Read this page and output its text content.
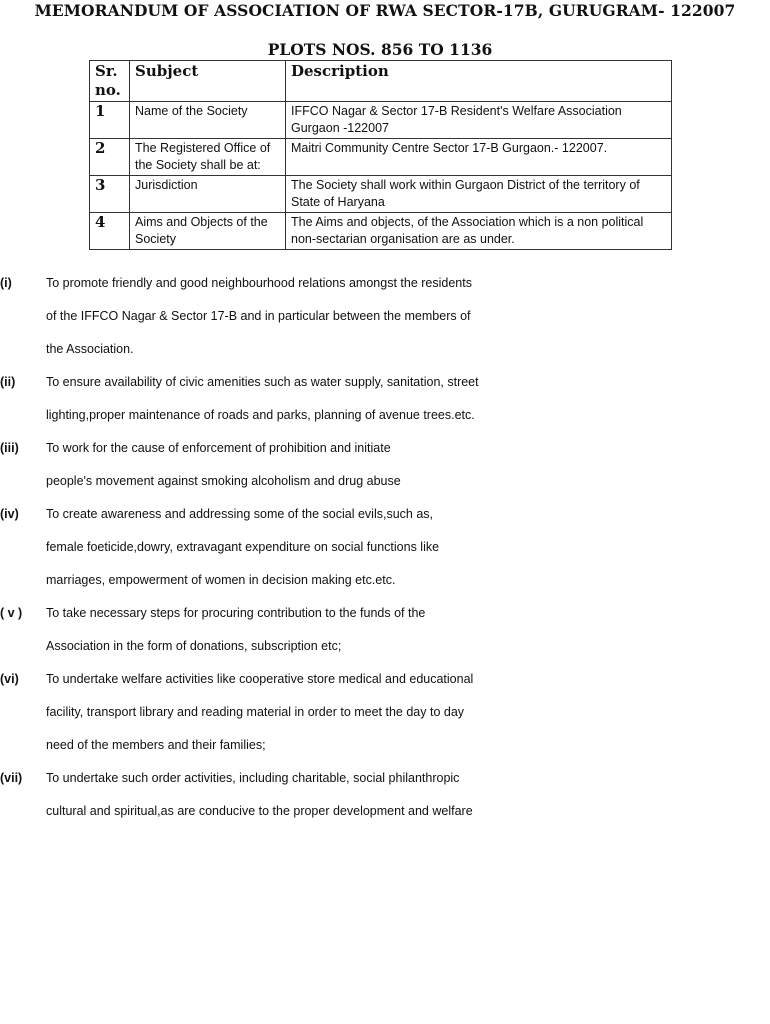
MEMORANDUM OF ASSOCIATION OF RWA SECTOR-17B, GURUGRAM- 122007
PLOTS NOS. 856 TO 1136
Sr. no.	Subject	Description
1	Name of the Society	IFFCO Nagar & Sector 17-B Resident's Welfare Association Gurgaon -122007
2	The Registered Office of the Society shall be at:	Maitri Community Centre Sector 17-B Gurgaon.- 122007.
3	Jurisdiction	The Society shall work within Gurgaon District of the territory of State of Haryana
4	Aims and Objects of the Society	The Aims and objects, of the Association which is a non political non-sectarian organisation are as under.
(i)	To promote friendly and good neighbourhood relations amongst the residents
of the IFFCO Nagar & Sector 17-B and in particular between the members of
the Association.
(ii)	To ensure availability of civic amenities such as water supply, sanitation, street
lighting,proper maintenance of roads and parks, planning of avenue trees.etc.
(iii)	To work for the cause of enforcement of prohibition and initiate
people's movement against smoking alcoholism and drug abuse
(iv)	To create awareness and addressing some of the social evils,such as,
female foeticide,dowry, extravagant expenditure on social functions like
marriages, empowerment of women in decision making etc.etc.
( v )	To take necessary steps for procuring contribution to the funds of the
Association in the form of donations, subscription etc;
(vi)	To undertake welfare activities like cooperative store medical and educational
facility, transport library and reading material in order to meet the day to day
need of the members and their families;
(vii)	To undertake such order activities, including charitable, social philanthropic
cultural and spiritual,as are conducive to the proper development and welfare
